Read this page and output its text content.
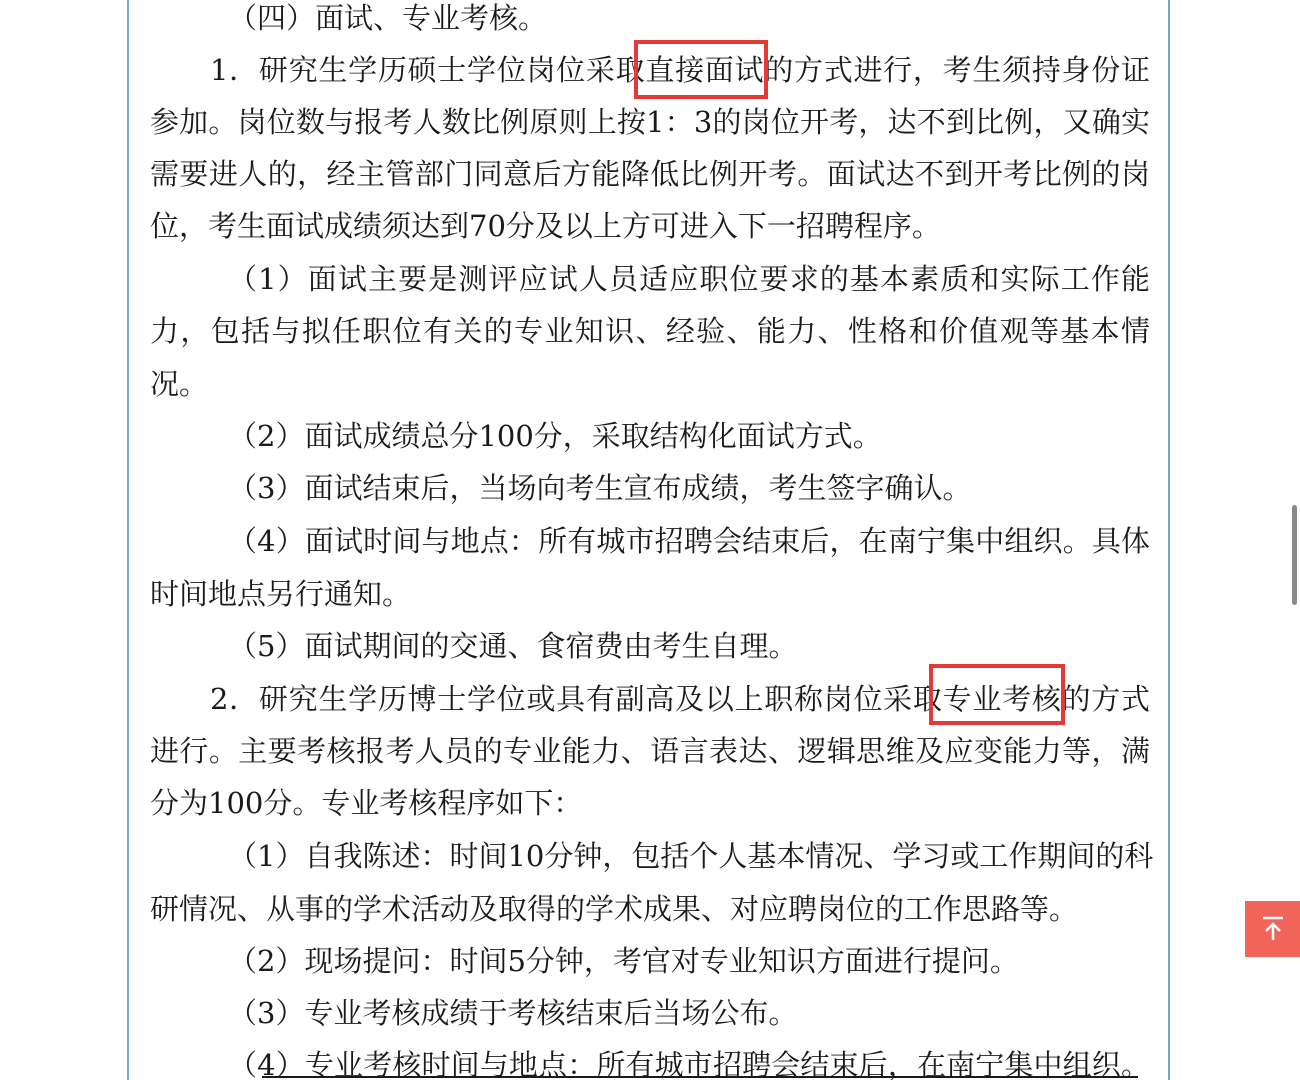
（四）面试、专业考核。
1．研究生学历硕士学位岗位采取直接面试的方式进行，考生须持身份证
参加。岗位数与报考人数比例原则上按1：3的岗位开考，达不到比例，又确实
需要进人的，经主管部门同意后方能降低比例开考。面试达不到开考比例的岗
位，考生面试成绩须达到70分及以上方可进入下一招聘程序。
（1）面试主要是测评应试人员适应职位要求的基本素质和实际工作能
力，包括与拟任职位有关的专业知识、经验、能力、性格和价值观等基本情
况。
（2）面试成绩总分100分，采取结构化面试方式。
（3）面试结束后，当场向考生宣布成绩，考生签字确认。
（4）面试时间与地点：所有城市招聘会结束后，在南宁集中组织。具体
时间地点另行通知。
（5）面试期间的交通、食宿费由考生自理。
2．研究生学历博士学位或具有副高及以上职称岗位采取专业考核的方式
进行。主要考核报考人员的专业能力、语言表达、逻辑思维及应变能力等，满
分为100分。专业考核程序如下：
（1）自我陈述：时间10分钟，包括个人基本情况、学习或工作期间的科
研情况、从事的学术活动及取得的学术成果、对应聘岗位的工作思路等。
（2）现场提问：时间5分钟，考官对专业知识方面进行提问。
（3）专业考核成绩于考核结束后当场公布。
（4）专业考核时间与地点：所有城市招聘会结束后，在南宁集中组织。
